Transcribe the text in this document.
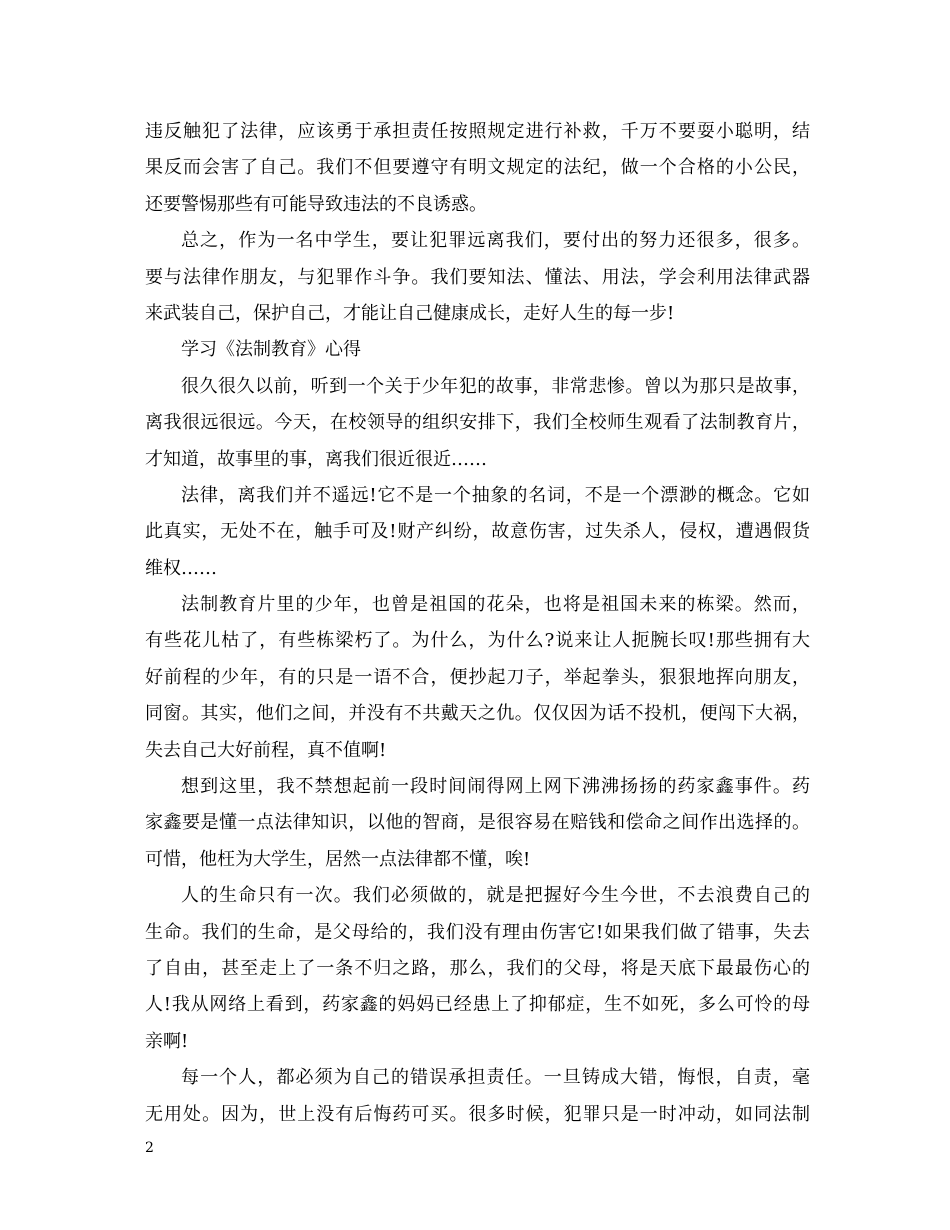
违反触犯了法律，应该勇于承担责任按照规定进行补救，千万不要耍小聪明，结
果反而会害了自己。我们不但要遵守有明文规定的法纪，做一个合格的小公民，
还要警惕那些有可能导致违法的不良诱惑。
总之，作为一名中学生，要让犯罪远离我们，要付出的努力还很多，很多。
要与法律作朋友，与犯罪作斗争。我们要知法、懂法、用法，学会利用法律武器
来武装自己，保护自己，才能让自己健康成长，走好人生的每一步!
学习《法制教育》心得
很久很久以前，听到一个关于少年犯的故事，非常悲惨。曾以为那只是故事，
离我很远很远。今天，在校领导的组织安排下，我们全校师生观看了法制教育片，
才知道，故事里的事，离我们很近很近……
法律，离我们并不遥远!它不是一个抽象的名词，不是一个漂渺的概念。它如
此真实，无处不在，触手可及!财产纠纷，故意伤害，过失杀人，侵权，遭遇假货
维权……
法制教育片里的少年，也曾是祖国的花朵，也将是祖国未来的栋梁。然而，
有些花儿枯了，有些栋梁朽了。为什么，为什么?说来让人扼腕长叹!那些拥有大
好前程的少年，有的只是一语不合，便抄起刀子，举起拳头，狠狠地挥向朋友，
同窗。其实，他们之间，并没有不共戴天之仇。仅仅因为话不投机，便闯下大祸，
失去自己大好前程，真不值啊!
想到这里，我不禁想起前一段时间闹得网上网下沸沸扬扬的药家鑫事件。药
家鑫要是懂一点法律知识，以他的智商，是很容易在赔钱和偿命之间作出选择的。
可惜，他枉为大学生，居然一点法律都不懂，唉!
人的生命只有一次。我们必须做的，就是把握好今生今世，不去浪费自己的
生命。我们的生命，是父母给的，我们没有理由伤害它!如果我们做了错事，失去
了自由，甚至走上了一条不归之路，那么，我们的父母，将是天底下最最伤心的
人!我从网络上看到，药家鑫的妈妈已经患上了抑郁症，生不如死，多么可怜的母
亲啊!
每一个人，都必须为自己的错误承担责任。一旦铸成大错，悔恨，自责，毫
无用处。因为，世上没有后悔药可买。很多时候，犯罪只是一时冲动，如同法制
2
